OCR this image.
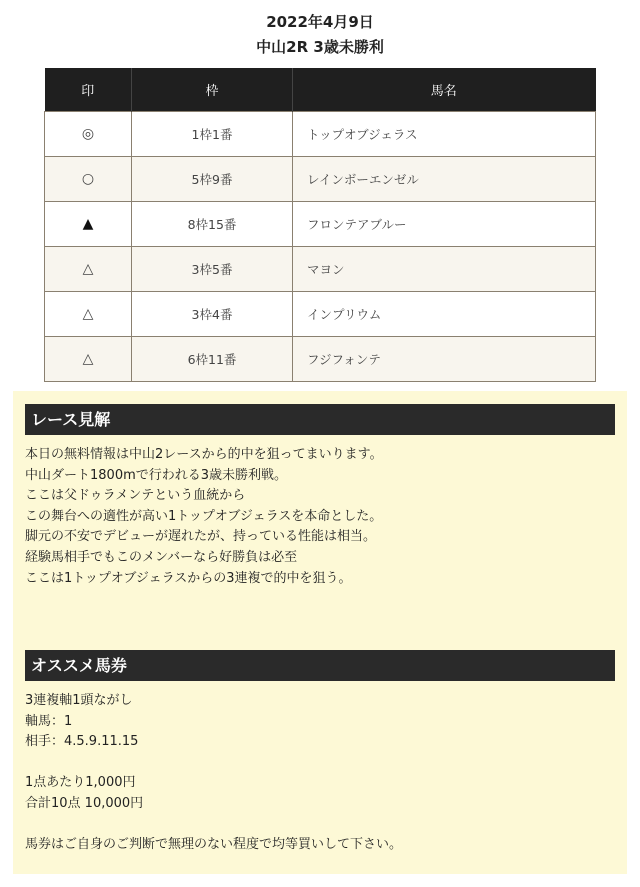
2022年4月9日
中山2R 3歳未勝利
印	枠	馬名
◎	1枠1番	トップオブジェラス
○	5枠9番	レインボーエンゼル
▲	8枠15番	フロンテアブルー
△	3枠5番	マヨン
△	3枠4番	インプリウム
△	6枠11番	フジフォンテ
レース見解
本日の無料情報は中山2レースから的中を狙ってまいります。
中山ダート1800mで行われる3歳未勝利戦。
ここは父ドゥラメンテという血統から
この舞台への適性が高い1トップオブジェラスを本命とした。
脚元の不安でデビューが遅れたが、持っている性能は相当。
経験馬相手でもこのメンバーなら好勝負は必至
ここは1トップオブジェラスからの3連複で的中を狙う。
オススメ馬券
3連複軸1頭ながし
軸馬：1
相手：4.5.9.11.15
1点あたり1,000円
合計10点 10,000円
馬券はご自身のご判断で無理のない程度で均等買いして下さい。
